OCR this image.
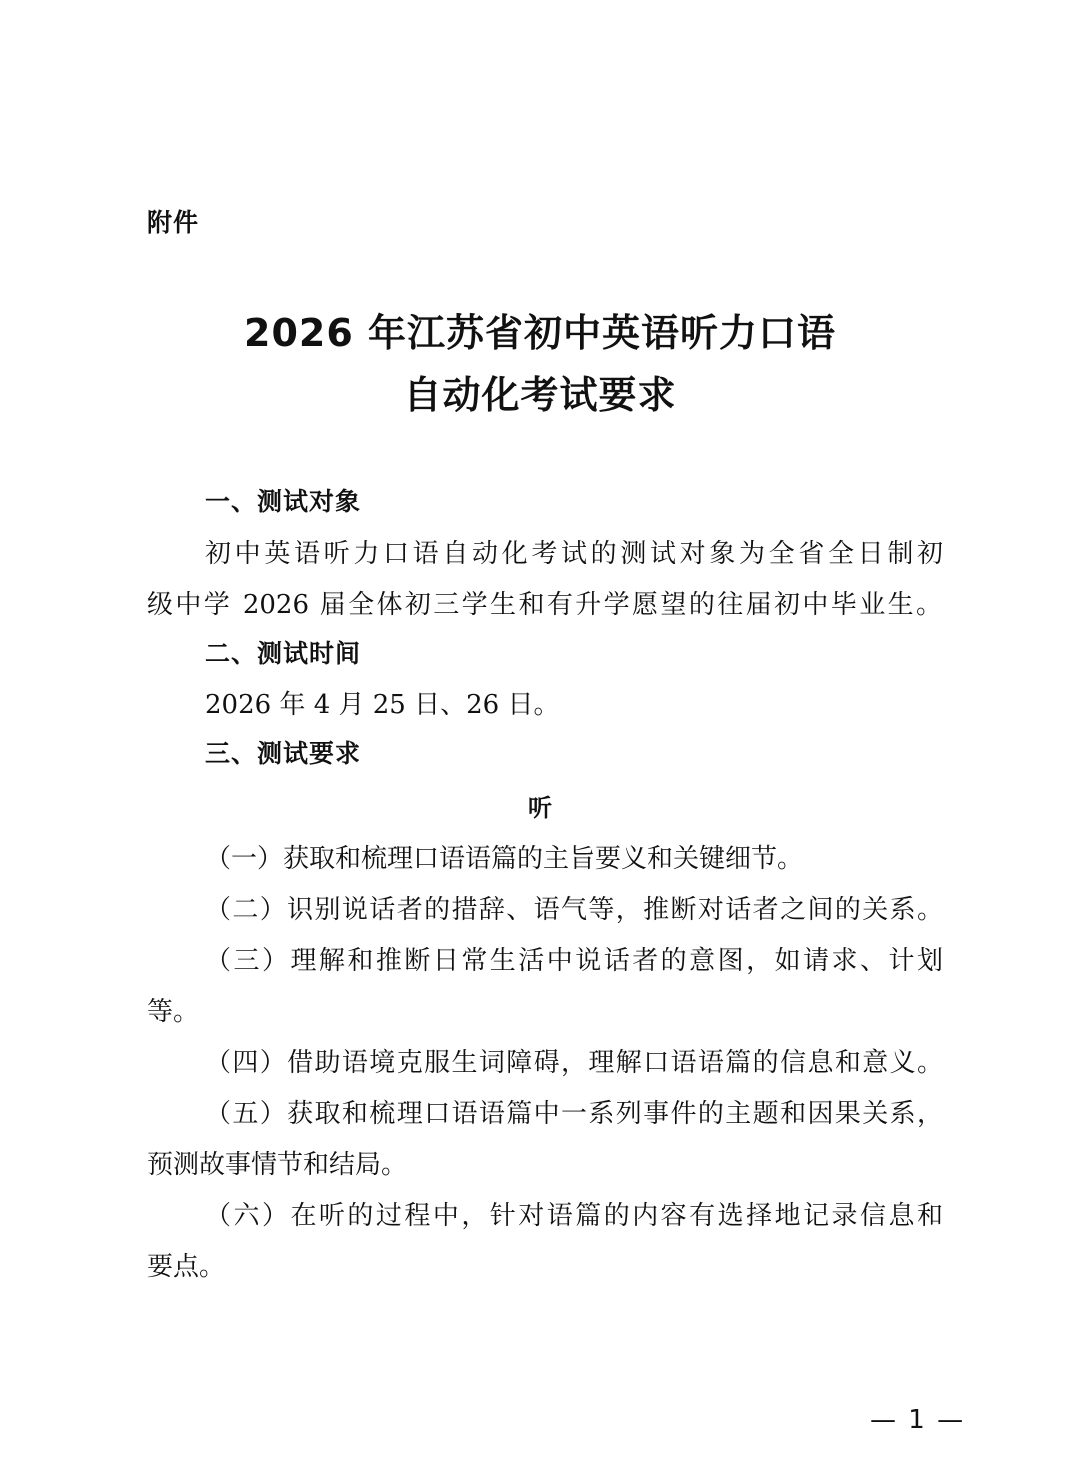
附件
2026 年江苏省初中英语听力口语
自动化考试要求
一、测试对象
初中英语听力口语自动化考试的测试对象为全省全日制初
级中学 2026 届全体初三学生和有升学愿望的往届初中毕业生。
二、测试时间
2026 年 4 月 25 日、26 日。
三、测试要求
听
（一）获取和梳理口语语篇的主旨要义和关键细节。
（二）识别说话者的措辞、语气等，推断对话者之间的关系。
（三）理解和推断日常生活中说话者的意图，如请求、计划
等。
（四）借助语境克服生词障碍，理解口语语篇的信息和意义。
（五）获取和梳理口语语篇中一系列事件的主题和因果关系，
预测故事情节和结局。
（六）在听的过程中，针对语篇的内容有选择地记录信息和
要点。
— 1 —
